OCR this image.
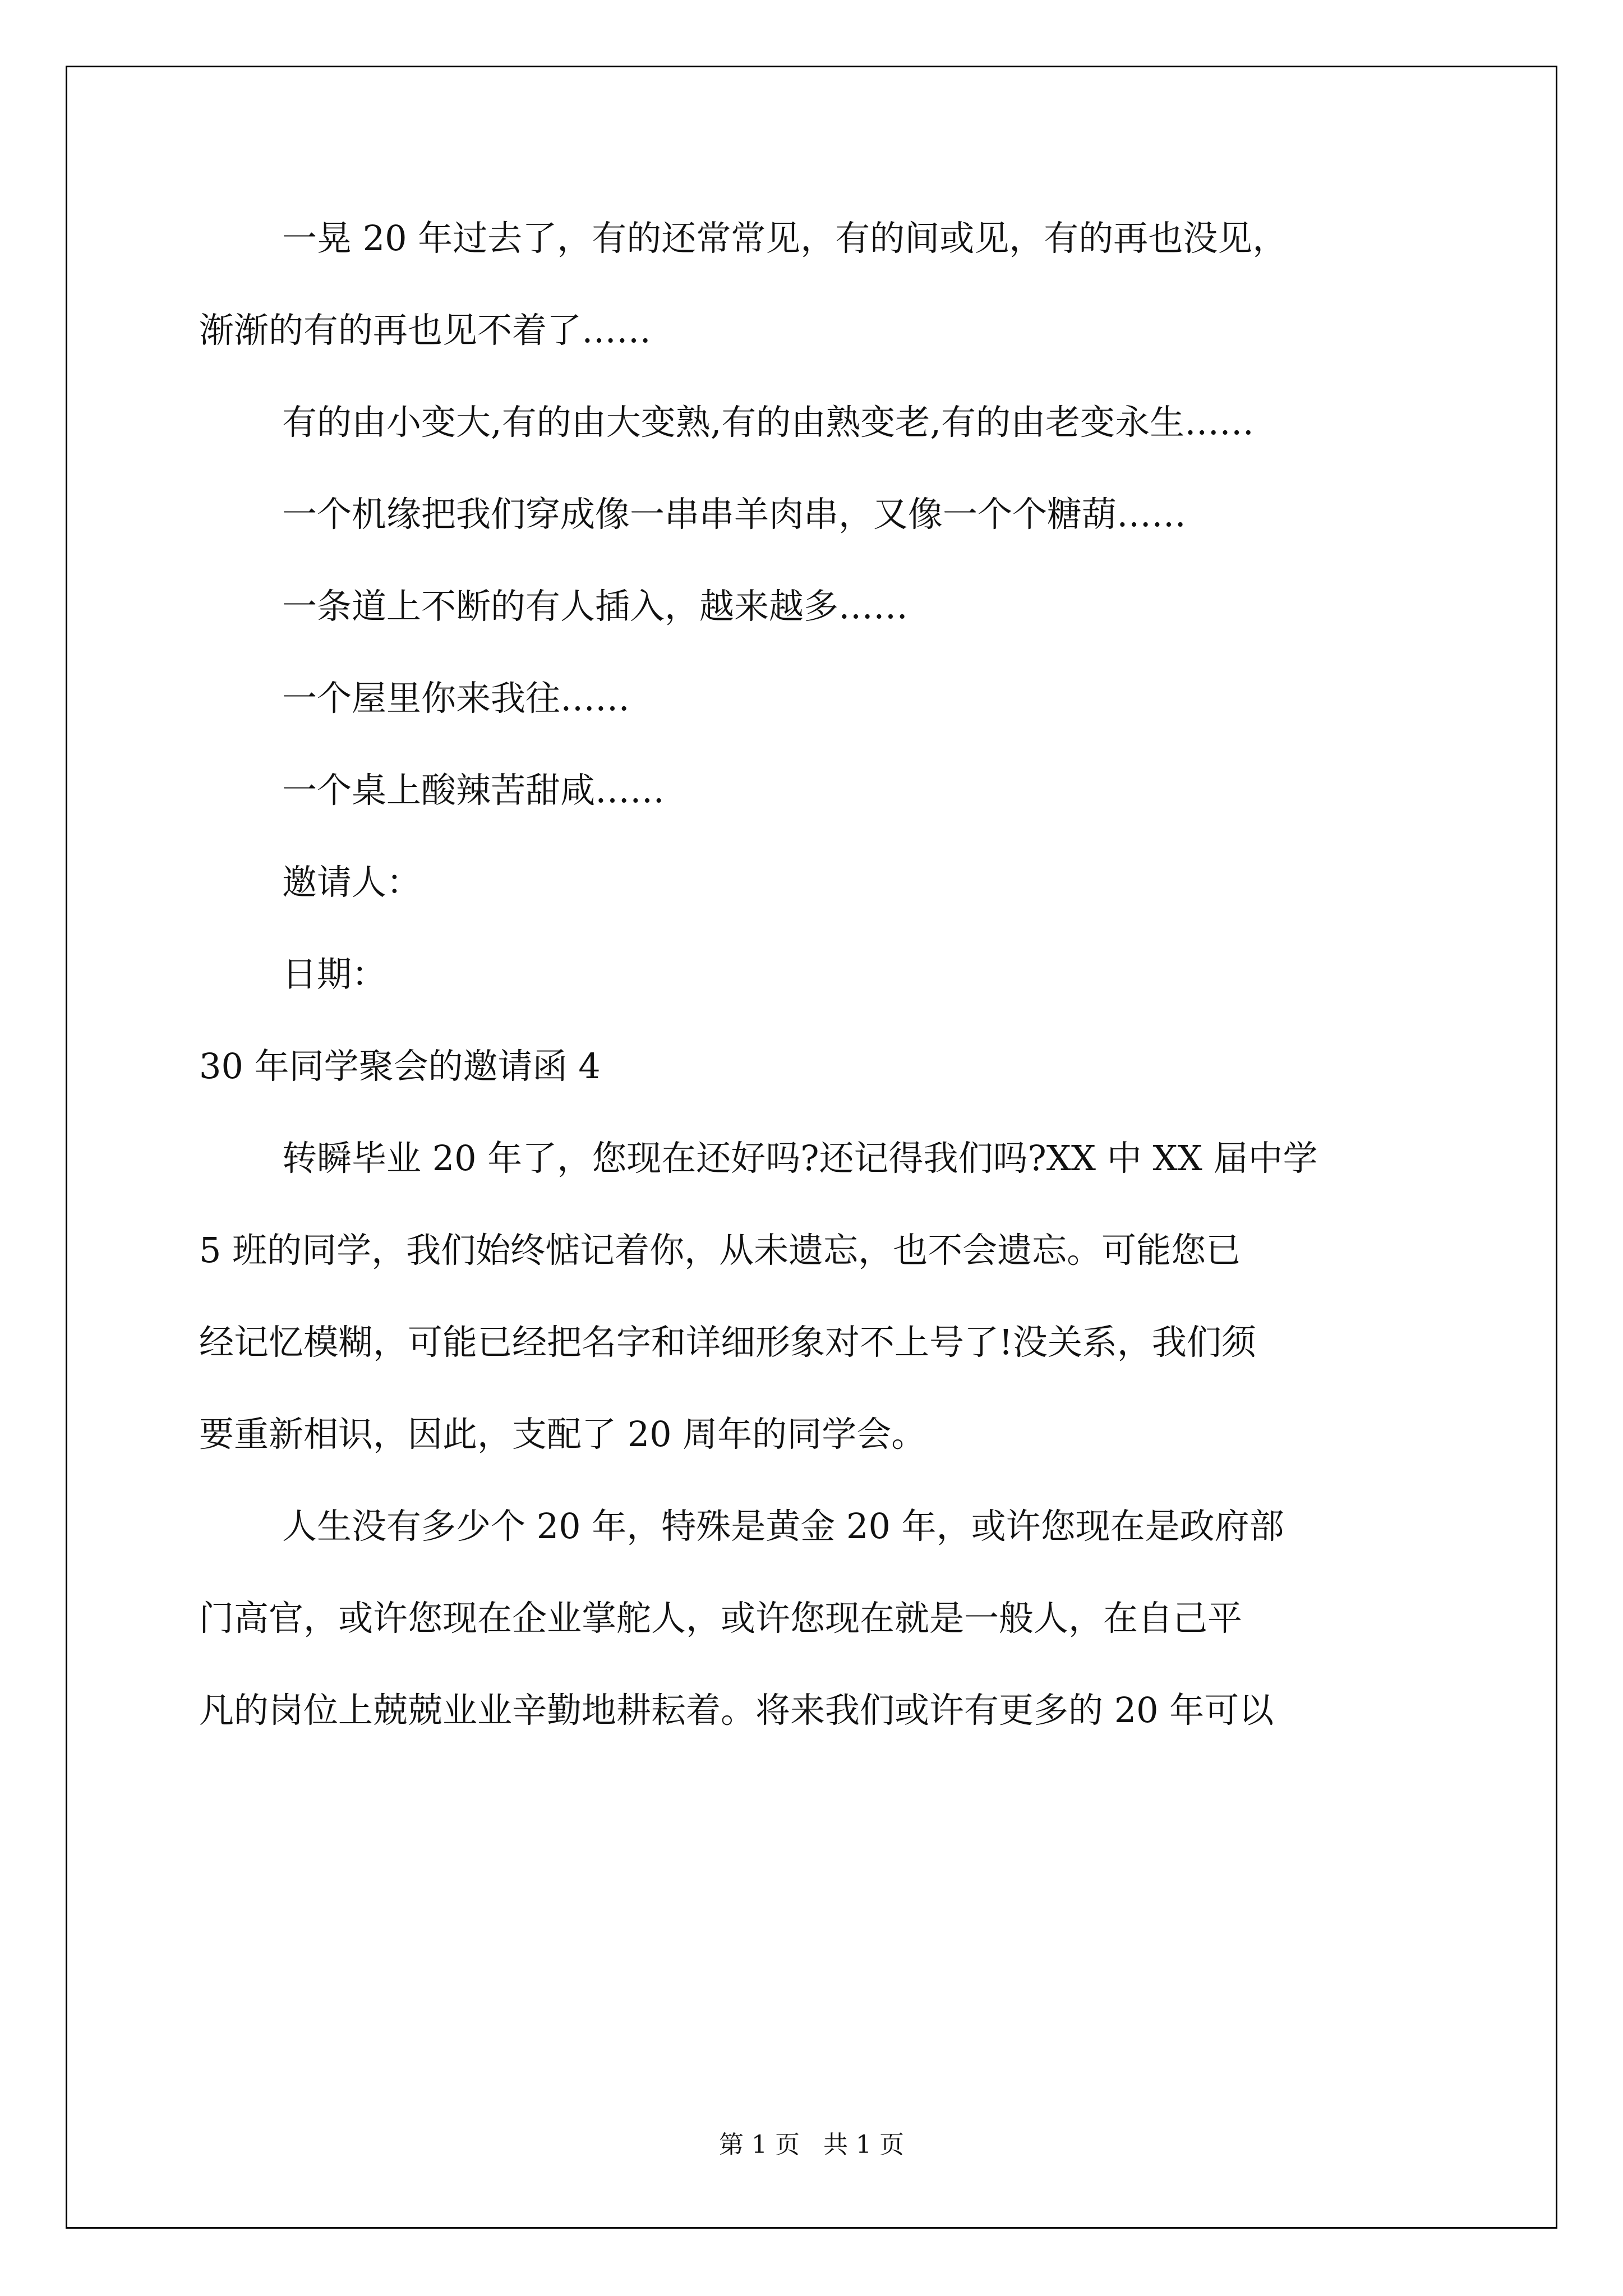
一晃 20 年过去了，有的还常常见，有的间或见，有的再也没见，
渐渐的有的再也见不着了……
有的由小变大,有的由大变熟,有的由熟变老,有的由老变永生……
一个机缘把我们穿成像一串串羊肉串，又像一个个糖葫……
一条道上不断的有人插入，越来越多……
一个屋里你来我往……
一个桌上酸辣苦甜咸……
邀请人：
日期：
30 年同学聚会的邀请函 4
转瞬毕业 20 年了，您现在还好吗?还记得我们吗?XX 中 XX 届中学
5 班的同学，我们始终惦记着你，从未遗忘，也不会遗忘。可能您已
经记忆模糊，可能已经把名字和详细形象对不上号了!没关系，我们须
要重新相识，因此，支配了 20 周年的同学会。
人生没有多少个 20 年，特殊是黄金 20 年，或许您现在是政府部
门高官，或许您现在企业掌舵人，或许您现在就是一般人，在自己平
凡的岗位上兢兢业业辛勤地耕耘着。将来我们或许有更多的 20 年可以
第 1 页   共 1 页
